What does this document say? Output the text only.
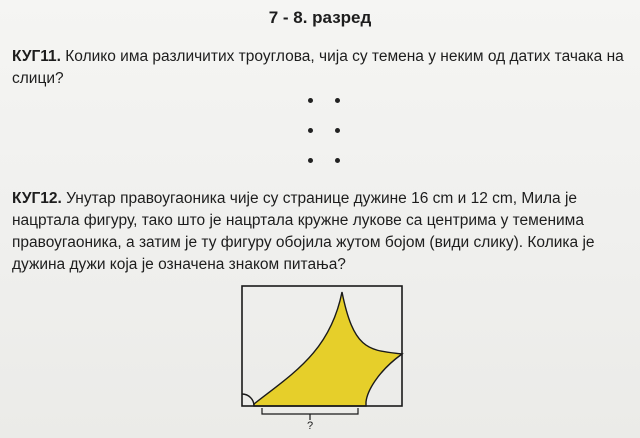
7 - 8. разред
КУГ11. Колико има различитих троуглова, чија су темена у неким од датих тачака на слици?
КУГ12. Унутар правоугаоника чије су странице дужине 16 cm и 12 cm, Мила је нацртала фигуру, тако што је нацртала кружне лукове са центрима у теменима правоугаоника, а затим је ту фигуру обојила жутом бојом (види слику). Колика је дужина дужи која је означена знаком питања?
?
